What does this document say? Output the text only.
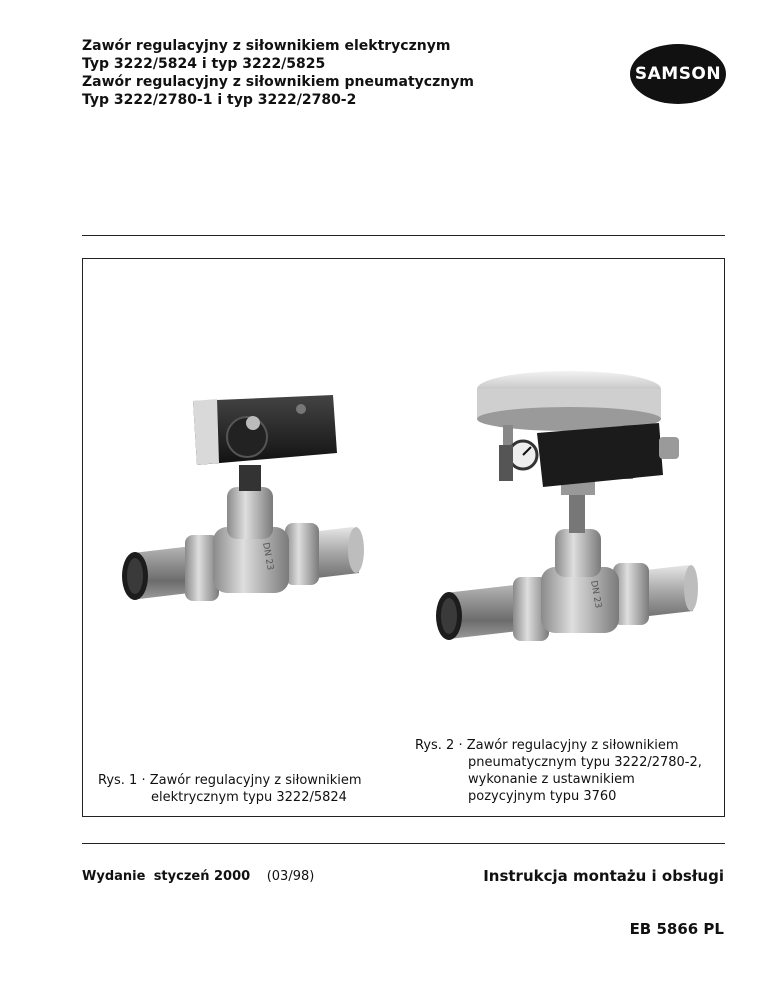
Zawór regulacyjny z siłownikiem elektrycznym

Typ 3222/5824 i typ 3222/5825

Zawór regulacyjny z siłownikiem pneumatycznym

Typ 3222/2780-1 i typ 3222/2780-2

SAMSON
DN 23
DN 23
Rys. 1 · Zawór regulacyjny z siłownikiem
elektrycznym typu 3222/5824
Rys. 2 · Zawór regulacyjny z siłownikiem
pneumatycznym typu 3222/2780-2,
wykonanie z ustawnikiem
pozycyjnym typu 3760
Wydanie styczeń 2000 (03/98)	Instrukcja montażu i obsługi
EB 5866 PL
